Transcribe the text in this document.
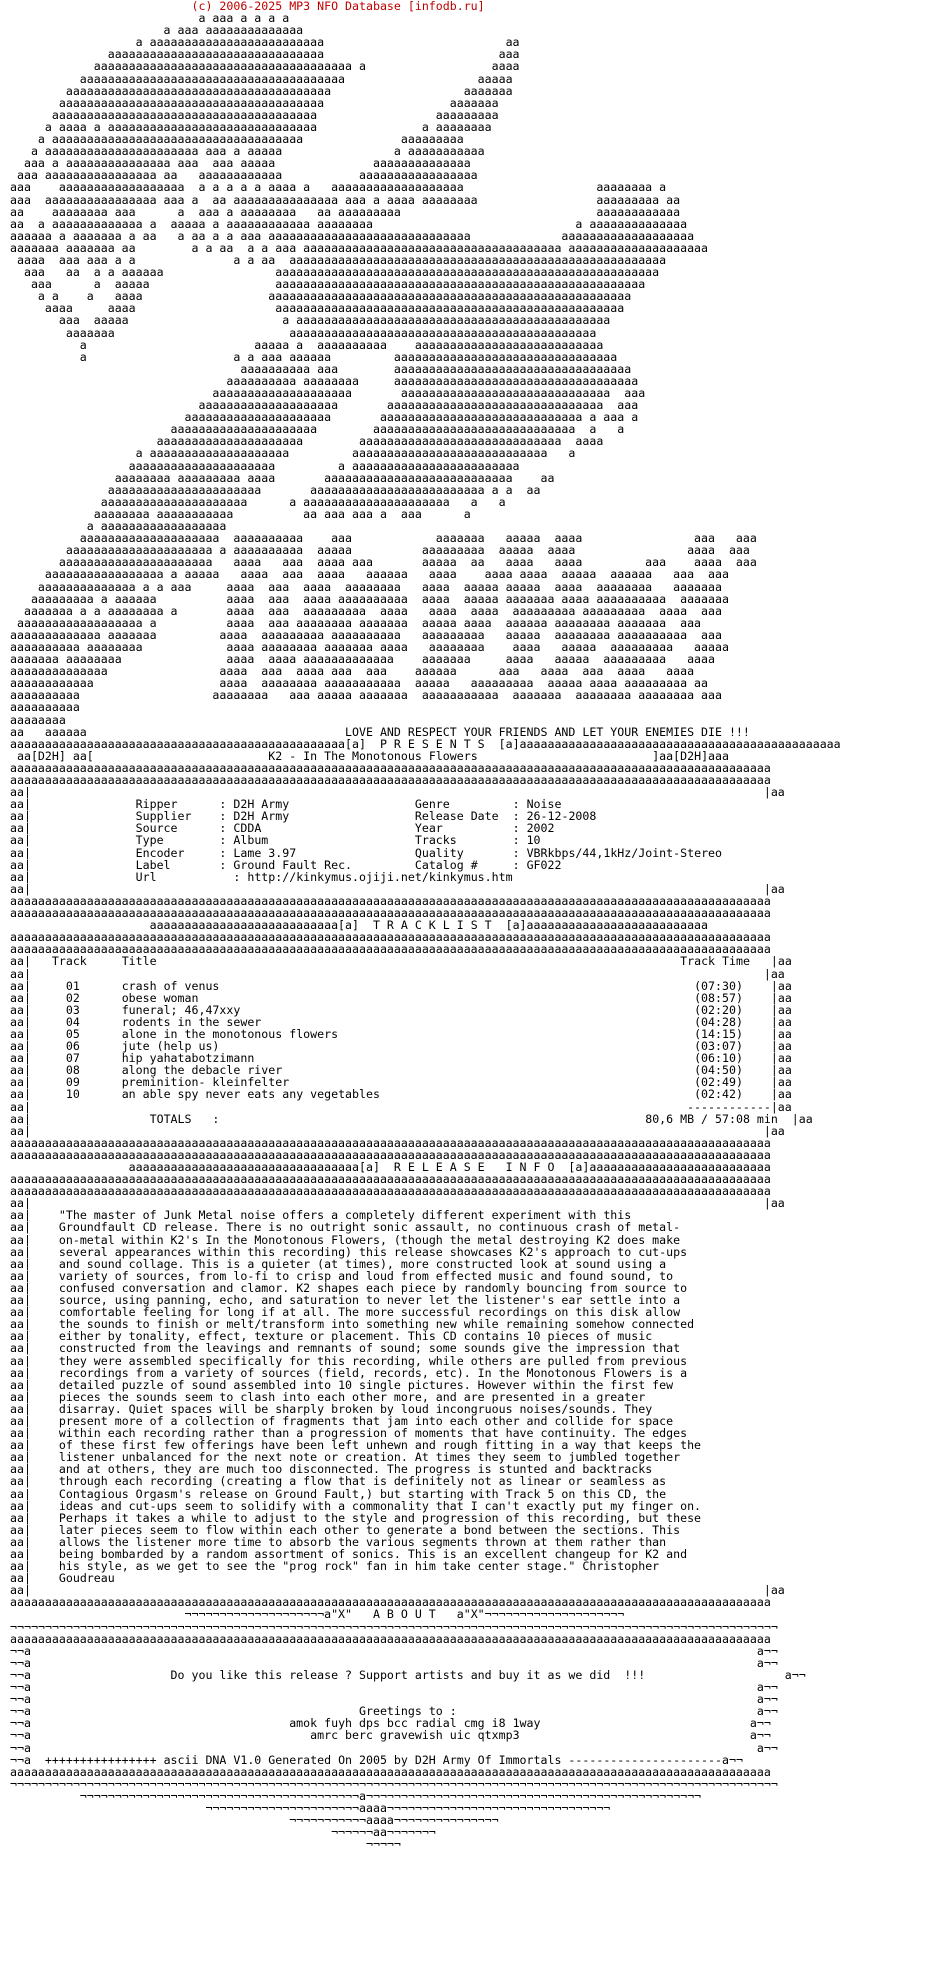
(c) 2006-2025 MP3 NFO Database [infodb.ru]
a aaa a a a a
a aaa aaaaaaaaaaaaaa
a aaaaaaaaaaaaaaaaaaaaaaaaa                          aa
aaaaaaaaaaaaaaaaaaaaaaaaaaaaaaa                         aaa
aaaaaaaaaaaaaaaaaaaaaaaaaaaaaaaaaaaaa a                  aaaa
aaaaaaaaaaaaaaaaaaaaaaaaaaaaaaaaaaaaaa                   aaaaa
aaaaaaaaaaaaaaaaaaaaaaaaaaaaaaaaaaaaaa                   aaaaaaa
aaaaaaaaaaaaaaaaaaaaaaaaaaaaaaaaaaaaaa                  aaaaaaa
aaaaaaaaaaaaaaaaaaaaaaaaaaaaaaaaaaaaaa                 aaaaaaaaa
a aaaa a aaaaaaaaaaaaaaaaaaaaaaaaaaaaaa               a aaaaaaaa
a aaaaaaaaaaaaaaaaaaaaaaaaaaaaaaaaaaaa              aaaaaaaaa
a aaaaaaaaaaaaaaaaaaaaaa aaa a aaaaa                a aaaaaaaaaaa
aaa a aaaaaaaaaaaaaaa aaa  aaa aaaaa              aaaaaaaaaaaaaa
aaa aaaaaaaaaaaaaaaa aa   aaaaaaaaaaaa           aaaaaaaaaaaaaaaaa
aaa    aaaaaaaaaaaaaaaaaa  a a a a a aaaa a   aaaaaaaaaaaaaaaaaaa                   aaaaaaaa a
aaa  aaaaaaaaaaaaaaaa aaa a  aa aaaaaaaaaaaaaaa aaa a aaaa aaaaaaaa                 aaaaaaaaa aa
aa    aaaaaaaa aaa      a  aaa a aaaaaaaa   aa aaaaaaaaa                            aaaaaaaaaaaa
aa  a aaaaaaaaaaaaa a  aaaaa a aaaaaaaaaaaa aaaaaaaa                             a aaaaaaaaaaaaaa
aaaaaa a aaaaaaa a aa   a aa a a aaa aaaaaaaaaaaaaaaaaaaaaaaaaaaaa             aaaaaaaaaaaaaaaaaaa
aaaaaaa aaaaaaa aa        a a aa  a a aaa aaaaaaaaaaaaaaaaaaaaaaaaaaaaaaaaaaaaa aaaaaaaaaaaaaaaaaaaa
aaaa  aaa aaa a a              a a aa  aaaaaaaaaaaaaaaaaaaaaaaaaaaaaaaaaaaaaaaaaaaaaaaaaaaaaa
aaa   aa  a a aaaaaa                aaaaaaaaaaaaaaaaaaaaaaaaaaaaaaaaaaaaaaaaaaaaaaaaaaaaaaa
aaa      a  aaaaa                  aaaaaaaaaaaaaaaaaaaaaaaaaaaaaaaaaaaaaaaaaaaaaaaaaaaaa
a a    a   aaaa                  aaaaaaaaaaaaaaaaaaaaaaaaaaaaaaaaaaaaaaaaaaaaaaaaaaaa
aaaa     aaaa                    aaaaaaaaaaaaaaaaaaaaaaaaaaaaaaaaaaaaaaaaaaaaaaaaaa
aaa  aaaaa                      a aaaaaaaaaaaaaaaaaaaaaaaaaaaaaaaaaaaaaaaaaaaaa
aaaaaaa                         aaaaaaaaaaaaaaaaaaaaaaaaaaaaaaaaaaaaaaaaaaaa
a                        aaaaa a  aaaaaaaaaa    aaaaaaaaaaaaaaaaaaaaaaaaaaa
a                     a a aaa aaaaaa         aaaaaaaaaaaaaaaaaaaaaaaaaaaaaaaa
aaaaaaaaaa aaa        aaaaaaaaaaaaaaaaaaaaaaaaaaaaaaaaaa
aaaaaaaaaa aaaaaaaa     aaaaaaaaaaaaaaaaaaaaaaaaaaaaaaaaaaa
aaaaaaaaaaaaaaaaaaaa       aaaaaaaaaaaaaaaaaaaaaaaaaaaaaa  aaa
aaaaaaaaaaaaaaaaaaaa       aaaaaaaaaaaaaaaaaaaaaaaaaaaaaaa  aaa
aaaaaaaaaaaaaaaaaaaaa       aaaaaaaaaaaaaaaaaaaaaaaaaaaaa a aaa a
aaaaaaaaaaaaaaaaaaaaa        aaaaaaaaaaaaaaaaaaaaaaaaaaaaa  a   a
aaaaaaaaaaaaaaaaaaaaa        aaaaaaaaaaaaaaaaaaaaaaaaaaaaa  aaaa
a aaaaaaaaaaaaaaaaaaaa         aaaaaaaaaaaaaaaaaaaaaaaaaaaa   a
aaaaaaaaaaaaaaaaaaaaa         a aaaaaaaaaaaaaaaaaaaaaaaa
aaaaaaaa aaaaaaaaa aaaa       aaaaaaaaaaaaaaaaaaaaaaaaaaa    aa
aaaaaaaaaaaaaaaaaaaaaa       aaaaaaaaaaaaaaaaaaaaaaaaa a a  aa
aaaaaaaaaaaaaaaaaaaaa      a aaaaaaaaaaaaaaaaaaaaa   a   a
aaaaaaaa aaaaaaaaaaa          aa aaa aaa a  aaa      a
a aaaaaaaaaaaaaaaaaa
aaaaaaaaaaaaaaaaaaaa  aaaaaaaaaa    aaa            aaaaaaa   aaaaa  aaaa                aaa   aaa
aaaaaaaaaaaaaaaaaaaaa a aaaaaaaaaa  aaaaa          aaaaaaaaa  aaaaa  aaaa                aaaa  aaa
aaaaaaaaaaaaaaaaaaaaaa   aaaa   aaa  aaaa aaa       aaaaa  aa   aaaa   aaaa         aaa    aaaa  aaa
aaaaaaaaaaaaaaaaa a aaaaa   aaaa  aaa  aaaa   aaaaaa   aaaa    aaaa aaaa  aaaaa  aaaaaa   aaa  aaa
aaaaaaaaaaaaaa a a aaa     aaaa  aaa  aaaa  aaaaaaaa   aaaa  aaaaa aaaaa  aaaa  aaaaaaaa   aaaaaaa
aaaaaaaaa a aaaaaa          aaaa  aaa  aaaa aaaaaaaaaa  aaaa  aaaaa aaaaaaa aaaa aaaaaaaaaa  aaaaaaa
aaaaaaa a a aaaaaaaa a       aaaa  aaa  aaaaaaaaa  aaaa   aaaa  aaaa  aaaaaaaaa aaaaaaaaa  aaaa  aaa
aaaaaaaaaaaaaaaaaa a          aaaa  aaa aaaaaaaa aaaaaaa  aaaaa aaaa  aaaaaa aaaaaaaa aaaaaaa  aaa
aaaaaaaaaaaaa aaaaaaa         aaaa  aaaaaaaaa aaaaaaaaaa   aaaaaaaaa   aaaaa  aaaaaaaa aaaaaaaaaa  aaa
aaaaaaaaaa aaaaaaaa            aaaa aaaaaaaa aaaaaaa aaaa   aaaaaaaa    aaaa   aaaaa  aaaaaaaaa   aaaaa
aaaaaaa aaaaaaaa               aaaa  aaaa aaaaaaaaaaaaa    aaaaaaa     aaaa   aaaaa  aaaaaaaaa   aaaa
aaaaaaaaaaaaaa                aaaa  aaa  aaaa aaa  aaa    aaaaaa      aaa   aaaa  aaa  aaaa   aaaa
aaaaaaaaaaaa                  aaaa  aaaaaaaa aaaaaaaaaaa  aaaaa   aaaaaaaaa  aaaaa aaaa aaaaaaaaa aa
aaaaaaaaaa                   aaaaaaaa   aaa aaaaa aaaaaaa  aaaaaaaaaaa  aaaaaaa  aaaaaaaa aaaaaaaa aaa
aaaaaaaaaa
aaaaaaaa
aa   aaaaaa                                     LOVE AND RESPECT YOUR FRIENDS AND LET YOUR ENEMIES DIE !!!
aaaaaaaaaaaaaaaaaaaaaaaaaaaaaaaaaaaaaaaaaaaaaaaa[a]  P R E S E N T S  [a]aaaaaaaaaaaaaaaaaaaaaaaaaaaaaaaaaaaaaaaaaaaaaa
aa[D2H] aa[                         K2 - In The Monotonous Flowers                         ]aa[D2H]aaa
aaaaaaaaaaaaaaaaaaaaaaaaaaaaaaaaaaaaaaaaaaaaaaaaaaaaaaaaaaaaaaaaaaaaaaaaaaaaaaaaaaaaaaaaaaaaaaaaaaaaaaaaaaaaa
aaaaaaaaaaaaaaaaaaaaaaaaaaaaaaaaaaaaaaaaaaaaaaaaaaaaaaaaaaaaaaaaaaaaaaaaaaaaaaaaaaaaaaaaaaaaaaaaaaaaaaaaaaaaa
aa|                                                                                                         |aa
aa|               Ripper      : D2H Army                  Genre         : Noise
aa|               Supplier    : D2H Army                  Release Date  : 26-12-2008
aa|               Source      : CDDA                      Year          : 2002
aa|               Type        : Album                     Tracks        : 10
aa|               Encoder     : Lame 3.97                 Quality       : VBRkbps/44,1kHz/Joint-Stereo
aa|               Label       : Ground Fault Rec.         Catalog #     : GF022
aa|               Url           : http://kinkymus.ojiji.net/kinkymus.htm
aa|                                                                                                         |aa
aaaaaaaaaaaaaaaaaaaaaaaaaaaaaaaaaaaaaaaaaaaaaaaaaaaaaaaaaaaaaaaaaaaaaaaaaaaaaaaaaaaaaaaaaaaaaaaaaaaaaaaaaaaaa
aaaaaaaaaaaaaaaaaaaaaaaaaaaaaaaaaaaaaaaaaaaaaaaaaaaaaaaaaaaaaaaaaaaaaaaaaaaaaaaaaaaaaaaaaaaaaaaaaaaaaaaaaaaaa
aaaaaaaaaaaaaaaaaaaaaaaaaaa[a]  T R A C K L I S T  [a]aaaaaaaaaaaaaaaaaaaaaaaaaa
aaaaaaaaaaaaaaaaaaaaaaaaaaaaaaaaaaaaaaaaaaaaaaaaaaaaaaaaaaaaaaaaaaaaaaaaaaaaaaaaaaaaaaaaaaaaaaaaaaaaaaaaaaaaa
aaaaaaaaaaaaaaaaaaaaaaaaaaaaaaaaaaaaaaaaaaaaaaaaaaaaaaaaaaaaaaaaaaaaaaaaaaaaaaaaaaaaaaaaaaaaaaaaaaaaaaaaaaaaa
aa|   Track	Title	Track Time   |aa
aa|                                                                                                         |aa
aa|     01      crash of venus                                                                    (07:30)    |aa
aa|     02      obese woman                                                                       (08:57)    |aa
aa|     03      funeral; 46,47xxy                                                                 (02:20)    |aa
aa|     04      rodents in the sewer                                                              (04:28)    |aa
aa|     05      alone in the monotonous flowers                                                   (14:15)    |aa
aa|     06      jute (help us)                                                                    (03:07)    |aa
aa|     07      hip yahatabotzimann                                                               (06:10)    |aa
aa|     08      along the debacle river                                                           (04:50)    |aa
aa|     09      preminition- kleinfelter                                                          (02:49)    |aa
aa|     10      an able spy never eats any vegetables                                             (02:42)    |aa
aa|                                                                                              ------------|aa
aa|                 TOTALS   :	80,6 MB / 57:08 min  |aa
aa|                                                                                                         |aa
aaaaaaaaaaaaaaaaaaaaaaaaaaaaaaaaaaaaaaaaaaaaaaaaaaaaaaaaaaaaaaaaaaaaaaaaaaaaaaaaaaaaaaaaaaaaaaaaaaaaaaaaaaaaa
aaaaaaaaaaaaaaaaaaaaaaaaaaaaaaaaaaaaaaaaaaaaaaaaaaaaaaaaaaaaaaaaaaaaaaaaaaaaaaaaaaaaaaaaaaaaaaaaaaaaaaaaaaaaa
aaaaaaaaaaaaaaaaaaaaaaaaaaaaaaaaa[a]  R E L E A S E   I N F O  [a]aaaaaaaaaaaaaaaaaaaaaaaaaa
aaaaaaaaaaaaaaaaaaaaaaaaaaaaaaaaaaaaaaaaaaaaaaaaaaaaaaaaaaaaaaaaaaaaaaaaaaaaaaaaaaaaaaaaaaaaaaaaaaaaaaaaaaaaa
aaaaaaaaaaaaaaaaaaaaaaaaaaaaaaaaaaaaaaaaaaaaaaaaaaaaaaaaaaaaaaaaaaaaaaaaaaaaaaaaaaaaaaaaaaaaaaaaaaaaaaaaaaaaa
aa|                                                                                                         |aa
aa|    "The master of Junk Metal noise offers a completely different experiment with this
aa|    Groundfault CD release. There is no outright sonic assault, no continuous crash of metal-
aa|    on-metal within K2's In the Monotonous Flowers, (though the metal destroying K2 does make
aa|    several appearances within this recording) this release showcases K2's approach to cut-ups
aa|    and sound collage. This is a quieter (at times), more constructed look at sound using a
aa|    variety of sources, from lo-fi to crisp and loud from effected music and found sound, to
aa|    confused conversation and clamor. K2 shapes each piece by randomly bouncing from source to
aa|    source, using panning, echo, and saturation to never let the listener's ear settle into a
aa|    comfortable feeling for long if at all. The more successful recordings on this disk allow
aa|    the sounds to finish or melt/transform into something new while remaining somehow connected
aa|    either by tonality, effect, texture or placement. This CD contains 10 pieces of music
aa|    constructed from the leavings and remnants of sound; some sounds give the impression that
aa|    they were assembled specifically for this recording, while others are pulled from previous
aa|    recordings from a variety of sources (field, records, etc). In the Monotonous Flowers is a
aa|    detailed puzzle of sound assembled into 10 single pictures. However within the first few
aa|    pieces the sounds seem to clash into each other more, and are presented in a greater
aa|    disarray. Quiet spaces will be sharply broken by loud incongruous noises/sounds. They
aa|    present more of a collection of fragments that jam into each other and collide for space
aa|    within each recording rather than a progression of moments that have continuity. The edges
aa|    of these first few offerings have been left unhewn and rough fitting in a way that keeps the
aa|    listener unbalanced for the next note or creation. At times they seem to jumbled together
aa|    and at others, they are much too disconnected. The progress is stunted and backtracks
aa|    through each recording (creating a flow that is definitely not as linear or seamless as
aa|    Contagious Orgasm's release on Ground Fault,) but starting with Track 5 on this CD, the
aa|    ideas and cut-ups seem to solidify with a commonality that I can't exactly put my finger on.
aa|    Perhaps it takes a while to adjust to the style and progression of this recording, but these
aa|    later pieces seem to flow within each other to generate a bond between the sections. This
aa|    allows the listener more time to absorb the various segments thrown at them rather than
aa|    being bombarded by a random assortment of sonics. This is an excellent changeup for K2 and
aa|    his style, as we get to see the "prog rock" fan in him take center stage." Christopher
aa|    Goudreau
aa|                                                                                                         |aa
aaaaaaaaaaaaaaaaaaaaaaaaaaaaaaaaaaaaaaaaaaaaaaaaaaaaaaaaaaaaaaaaaaaaaaaaaaaaaaaaaaaaaaaaaaaaaaaaaaaaaaaaaaaaa
¬¬¬¬¬¬¬¬¬¬¬¬¬¬¬¬¬¬¬¬a"X"   A B O U T   a"X"¬¬¬¬¬¬¬¬¬¬¬¬¬¬¬¬¬¬¬¬
¬¬¬¬¬¬¬¬¬¬¬¬¬¬¬¬¬¬¬¬¬¬¬¬¬¬¬¬¬¬¬¬¬¬¬¬¬¬¬¬¬¬¬¬¬¬¬¬¬¬¬¬¬¬¬¬¬¬¬¬¬¬¬¬¬¬¬¬¬¬¬¬¬¬¬¬¬¬¬¬¬¬¬¬¬¬¬¬¬¬¬¬¬¬¬¬¬¬¬¬¬¬¬¬¬¬¬¬¬¬
aaaaaaaaaaaaaaaaaaaaaaaaaaaaaaaaaaaaaaaaaaaaaaaaaaaaaaaaaaaaaaaaaaaaaaaaaaaaaaaaaaaaaaaaaaaaaaaaaaaaaaaaaaaaa
¬¬a                                                                                                        a¬¬
¬¬a                                                                                                        a¬¬
¬¬a                    Do you like this release ? Support artists and buy it as we did  !!!                    a¬¬
¬¬a                                                                                                        a¬¬
¬¬a                                                                                                        a¬¬
¬¬a                                               Greetings to :                                           a¬¬
¬¬a                                     amok fuyh dps bcc radial cmg i8 1way                              a¬¬
¬¬a                                        amrc berc gravewish uic qtxmp3                                 a¬¬
¬¬a                                                                                                        a¬¬
¬¬a  ++++++++++++++++ ascii DNA V1.0 Generated On 2005 by D2H Army Of Immortals ----------------------a¬¬
aaaaaaaaaaaaaaaaaaaaaaaaaaaaaaaaaaaaaaaaaaaaaaaaaaaaaaaaaaaaaaaaaaaaaaaaaaaaaaaaaaaaaaaaaaaaaaaaaaaaaaaaaaaaa
¬¬¬¬¬¬¬¬¬¬¬¬¬¬¬¬¬¬¬¬¬¬¬¬¬¬¬¬¬¬¬¬¬¬¬¬¬¬¬¬¬¬¬¬¬¬¬¬¬¬¬¬¬¬¬¬¬¬¬¬¬¬¬¬¬¬¬¬¬¬¬¬¬¬¬¬¬¬¬¬¬¬¬¬¬¬¬¬¬¬¬¬¬¬¬¬¬¬¬¬¬¬¬¬¬¬¬¬¬¬
¬¬¬¬¬¬¬¬¬¬¬¬¬¬¬¬¬¬¬¬¬¬¬¬¬¬¬¬¬¬¬¬¬¬¬¬¬¬¬¬a¬¬¬¬¬¬¬¬¬¬¬¬¬¬¬¬¬¬¬¬¬¬¬¬¬¬¬¬¬¬¬¬¬¬¬¬¬¬¬¬¬¬¬¬¬¬¬¬
¬¬¬¬¬¬¬¬¬¬¬¬¬¬¬¬¬¬¬¬¬¬aaaa¬¬¬¬¬¬¬¬¬¬¬¬¬¬¬¬¬¬¬¬¬¬¬¬¬¬¬¬¬¬¬¬
¬¬¬¬¬¬¬¬¬¬¬aaaa¬¬¬¬¬¬¬¬¬¬¬¬¬¬¬
¬¬¬¬¬¬aa¬¬¬¬¬¬¬
¬¬¬¬¬
